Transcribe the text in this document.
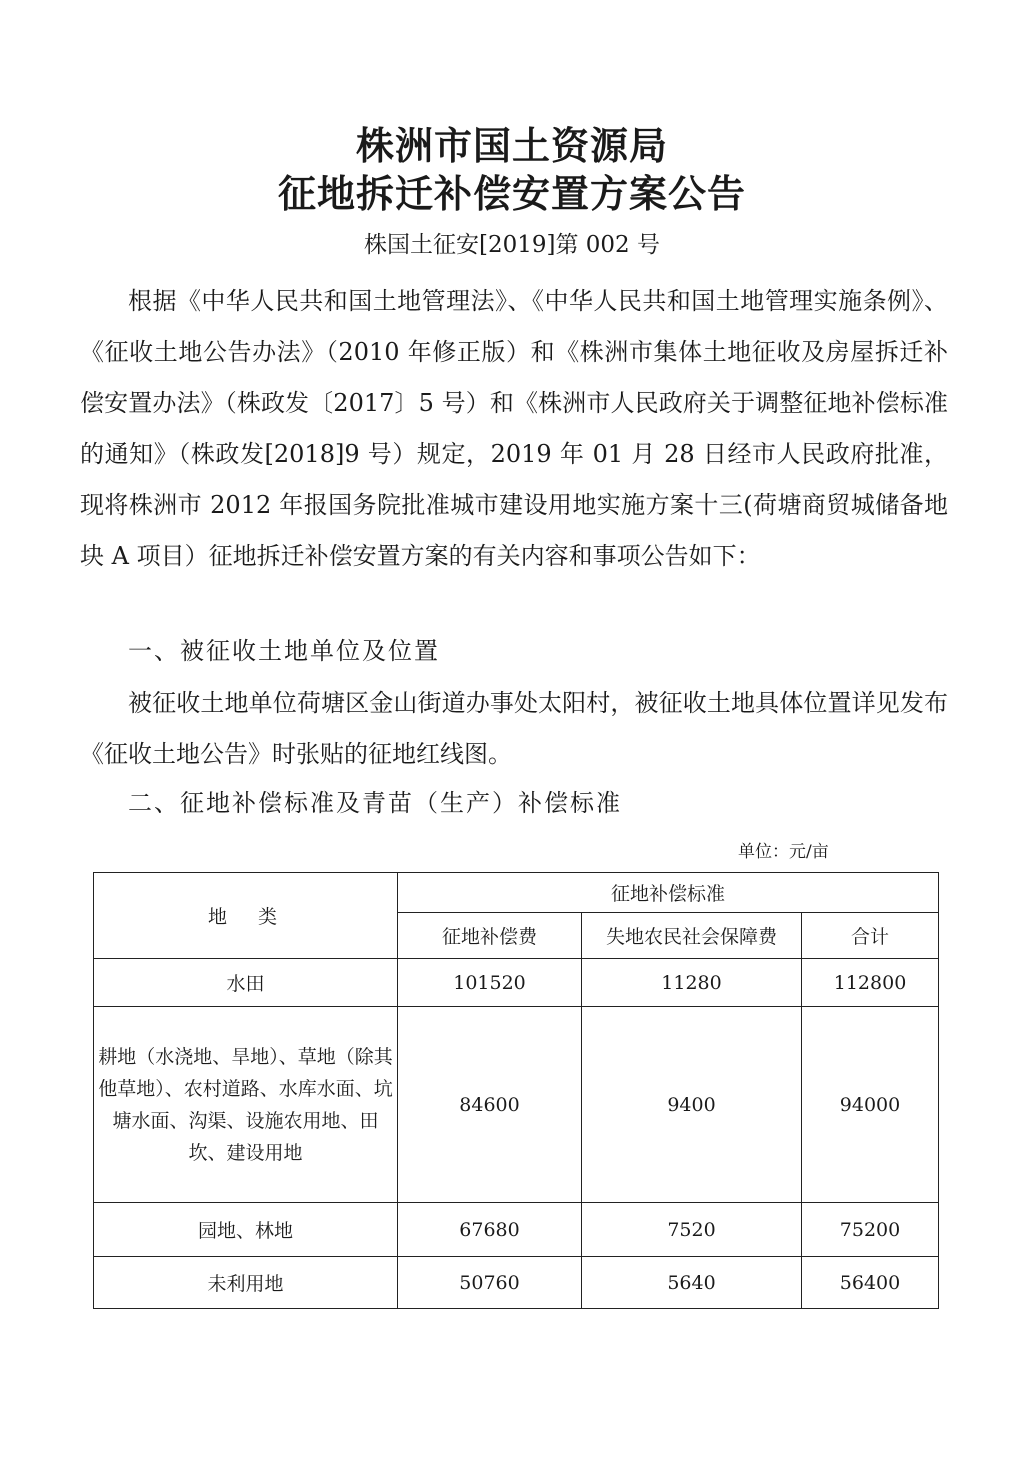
株洲市国土资源局
征地拆迁补偿安置方案公告
株国土征安[2019]第 002 号
根据《中华人民共和国土地管理法》、《中华人民共和国土地管理实施条例》、《征收土地公告办法》（2010 年修正版）和《株洲市集体土地征收及房屋拆迁补偿安置办法》（株政发〔2017〕5 号）和《株洲市人民政府关于调整征地补偿标准的通知》（株政发[2018]9 号）规定，2019 年 01 月 28 日经市人民政府批准，现将株洲市 2012 年报国务院批准城市建设用地实施方案十三(荷塘商贸城储备地块 A 项目）征地拆迁补偿安置方案的有关内容和事项公告如下：
一、被征收土地单位及位置
被征收土地单位荷塘区金山街道办事处太阳村，被征收土地具体位置详见发布《征收土地公告》时张贴的征地红线图。
二、征地补偿标准及青苗（生产）补偿标准
单位：元/亩
地　类	征地补偿标准		
	征地补偿费	失地农民社会保障费	合计
水田	101520	11280	112800
耕地（水浇地、旱地）、草地（除其他草地）、农村道路、水库水面、坑塘水面、沟渠、设施农用地、田坎、建设用地	84600	9400	94000
园地、林地	67680	7520	75200
未利用地	50760	5640	56400
